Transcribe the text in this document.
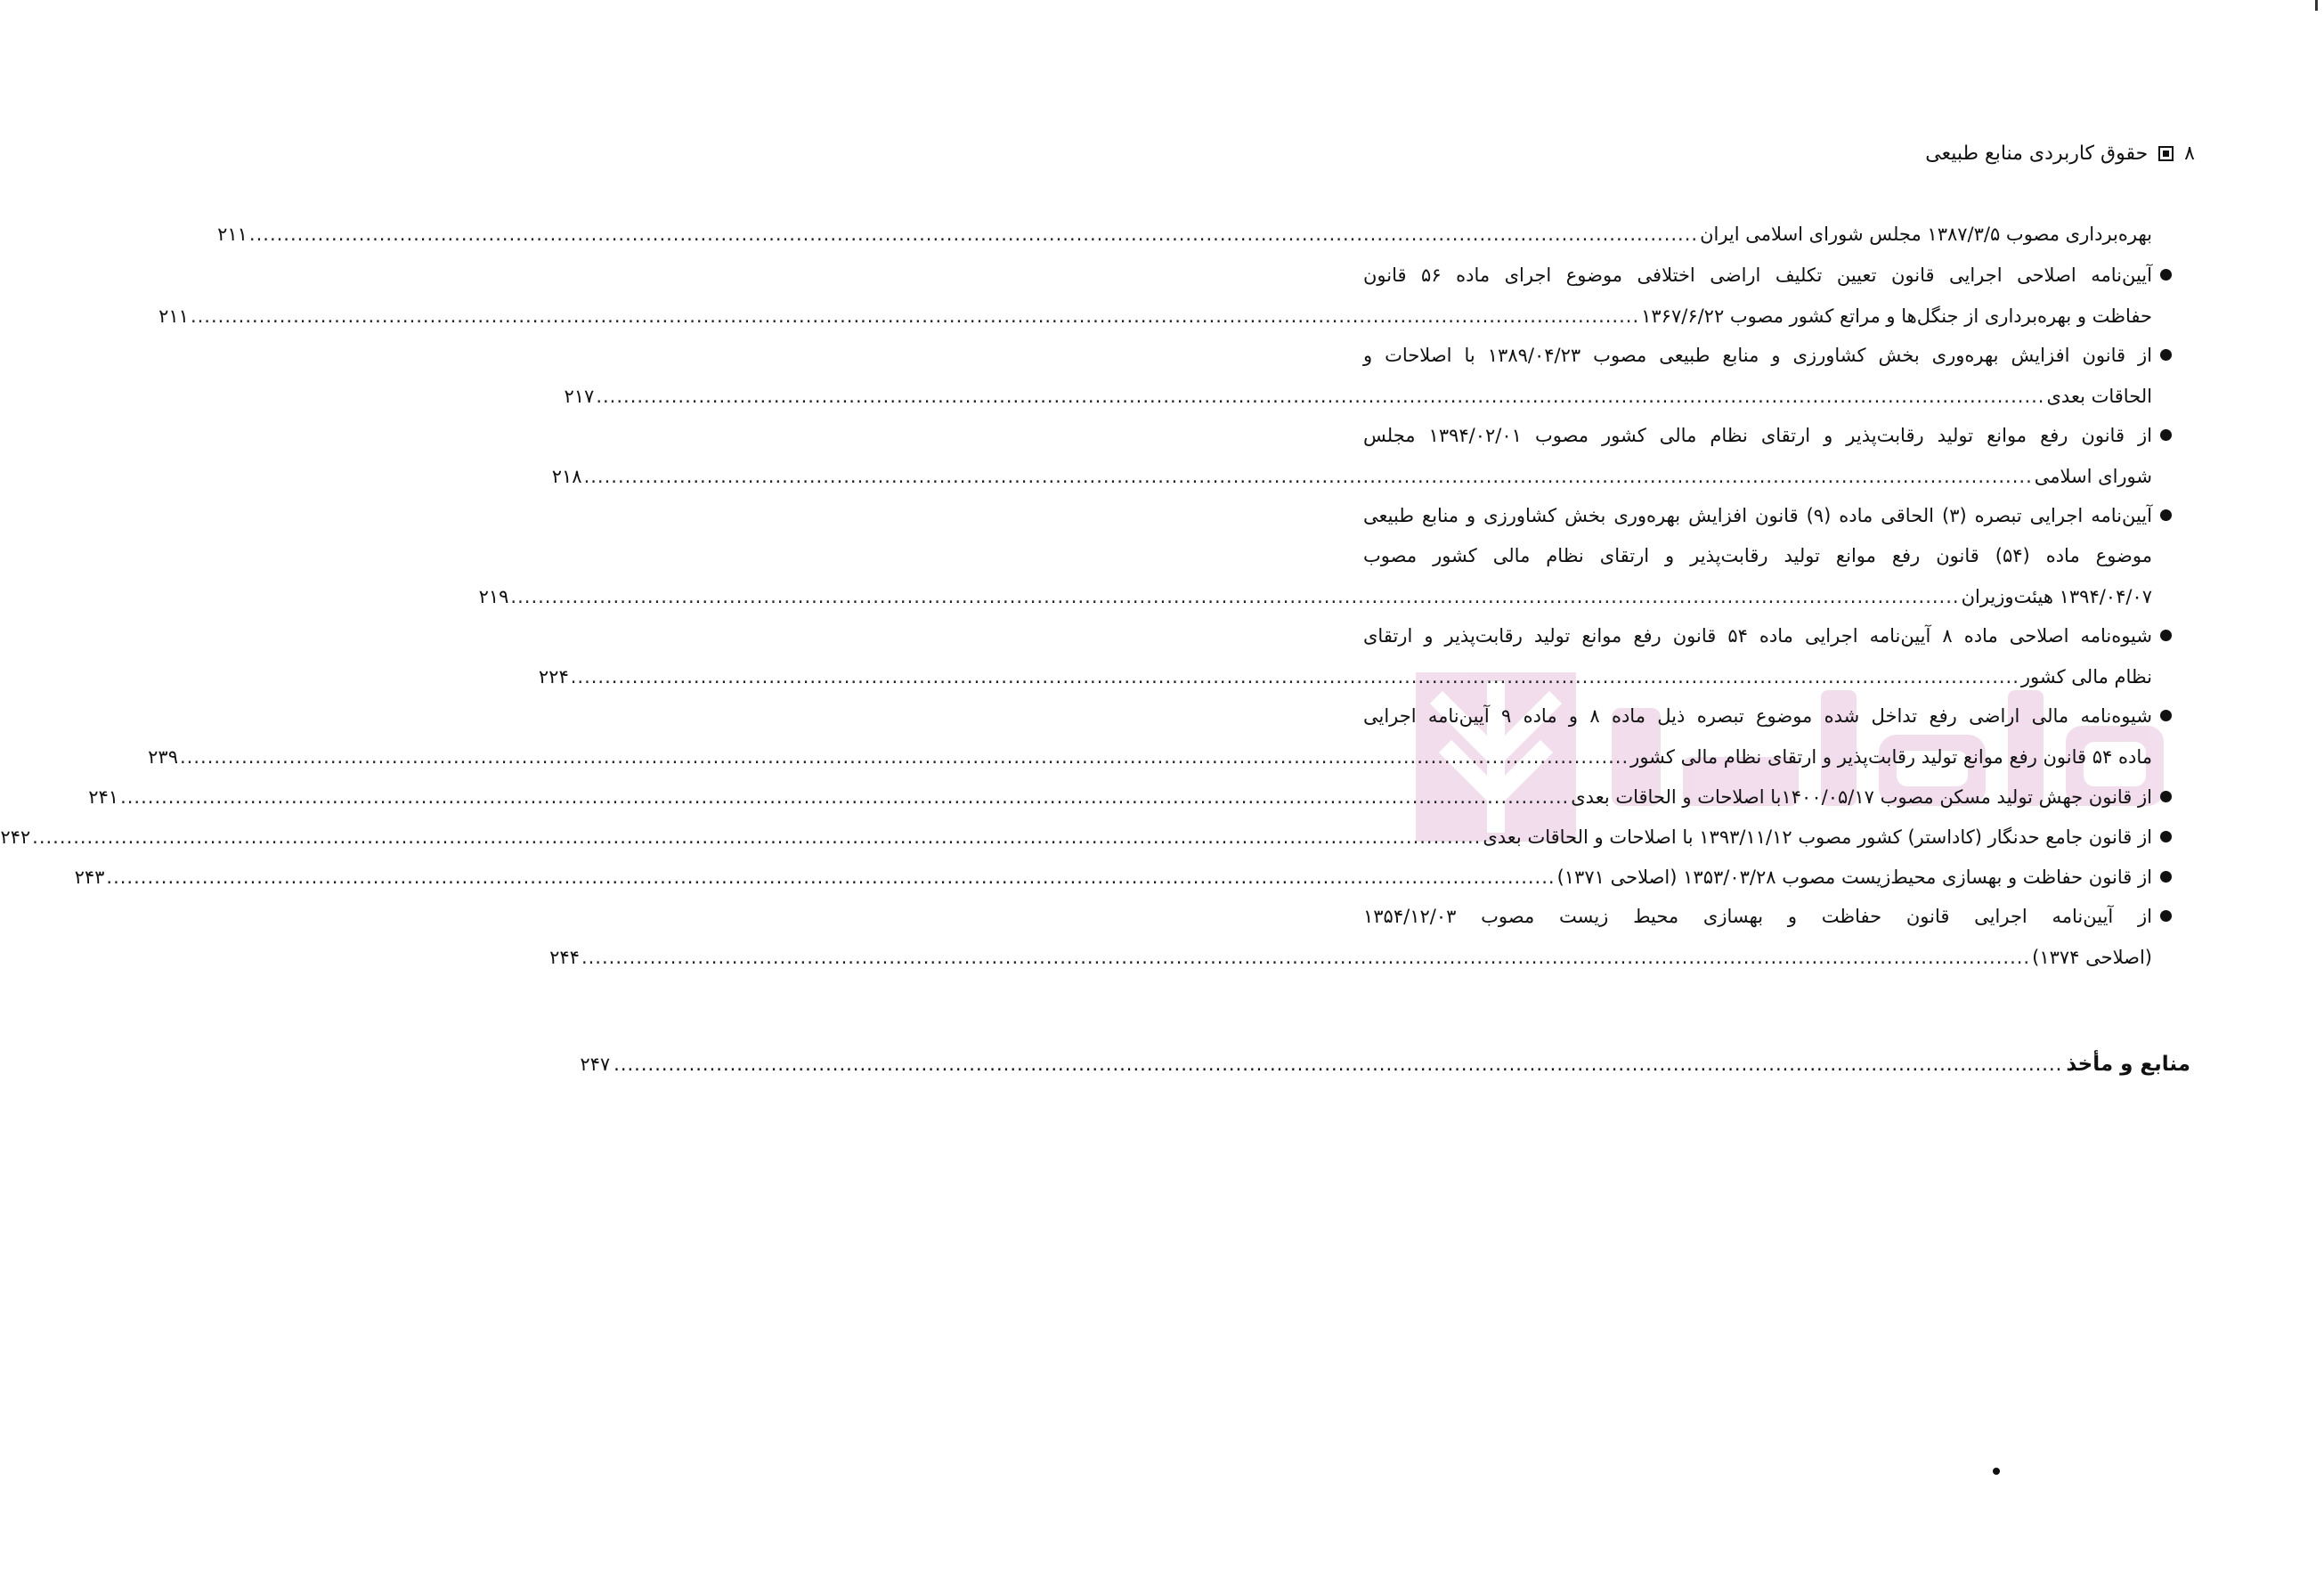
۸
حقوق کاربردی منابع طبیعی
بهره‌برداری مصوب ۱۳۸۷/۳/۵ مجلس شورای اسلامی ایران
....................................................................................................................................................................................................................
۲۱۱
آیین‌نامه اصلاحی اجرایی قانون تعیین تکلیف اراضی اختلافی موضوع اجرای ماده ۵۶ قانون
حفاظت و بهره‌برداری از جنگل‌ها و مراتع کشور مصوب ۱۳۶۷/۶/۲۲
....................................................................................................................................................................................................................
۲۱۱
از قانون افزایش بهره‌وری بخش کشاورزی و منابع طبیعی مصوب ۱۳۸۹/۰۴/۲۳ با اصلاحات و
الحاقات بعدی
....................................................................................................................................................................................................................
۲۱۷
از قانون رفع موانع تولید رقابت‌پذیر و ارتقای نظام مالی کشور مصوب ۱۳۹۴/۰۲/۰۱ مجلس
شورای اسلامی
....................................................................................................................................................................................................................
۲۱۸
آیین‌نامه اجرایی تبصره (۳) الحاقی ماده (۹) قانون افزایش بهره‌وری بخش کشاورزی و منابع طبیعی
موضوع ماده (۵۴) قانون رفع موانع تولید رقابت‌پذیر و ارتقای نظام مالی کشور مصوب
۱۳۹۴/۰۴/۰۷ هیئت‌وزیران
....................................................................................................................................................................................................................
۲۱۹
شیوه‌نامه اصلاحی ماده ۸ آیین‌نامه اجرایی ماده ۵۴ قانون رفع موانع تولید رقابت‌پذیر و ارتقای
نظام مالی کشور
....................................................................................................................................................................................................................
۲۲۴
شیوه‌نامه مالی اراضی رفع تداخل شده موضوع تبصره ذیل ماده ۸ و ماده ۹ آیین‌نامه اجرایی
ماده ۵۴ قانون رفع موانع تولید رقابت‌پذیر و ارتقای نظام مالی کشور
....................................................................................................................................................................................................................
۲۳۹
از قانون جهش تولید مسکن مصوب ۱۴۰۰/۰۵/۱۷با اصلاحات و الحاقات بعدی
....................................................................................................................................................................................................................
۲۴۱
از قانون جامع حدنگار (کاداستر) کشور مصوب ۱۳۹۳/۱۱/۱۲ با اصلاحات و الحاقات بعدی
....................................................................................................................................................................................................................
۲۴۲
از قانون حفاظت و بهسازی محیط‌زیست مصوب ۱۳۵۳/۰۳/۲۸ (اصلاحی ۱۳۷۱)
....................................................................................................................................................................................................................
۲۴۳
از آیین‌نامه اجرایی قانون حفاظت و بهسازی محیط زیست مصوب ۱۳۵۴/۱۲/۰۳
(اصلاحی ۱۳۷۴)
....................................................................................................................................................................................................................
۲۴۴
منابع و مأخذ
....................................................................................................................................................................................................................
۲۴۷
